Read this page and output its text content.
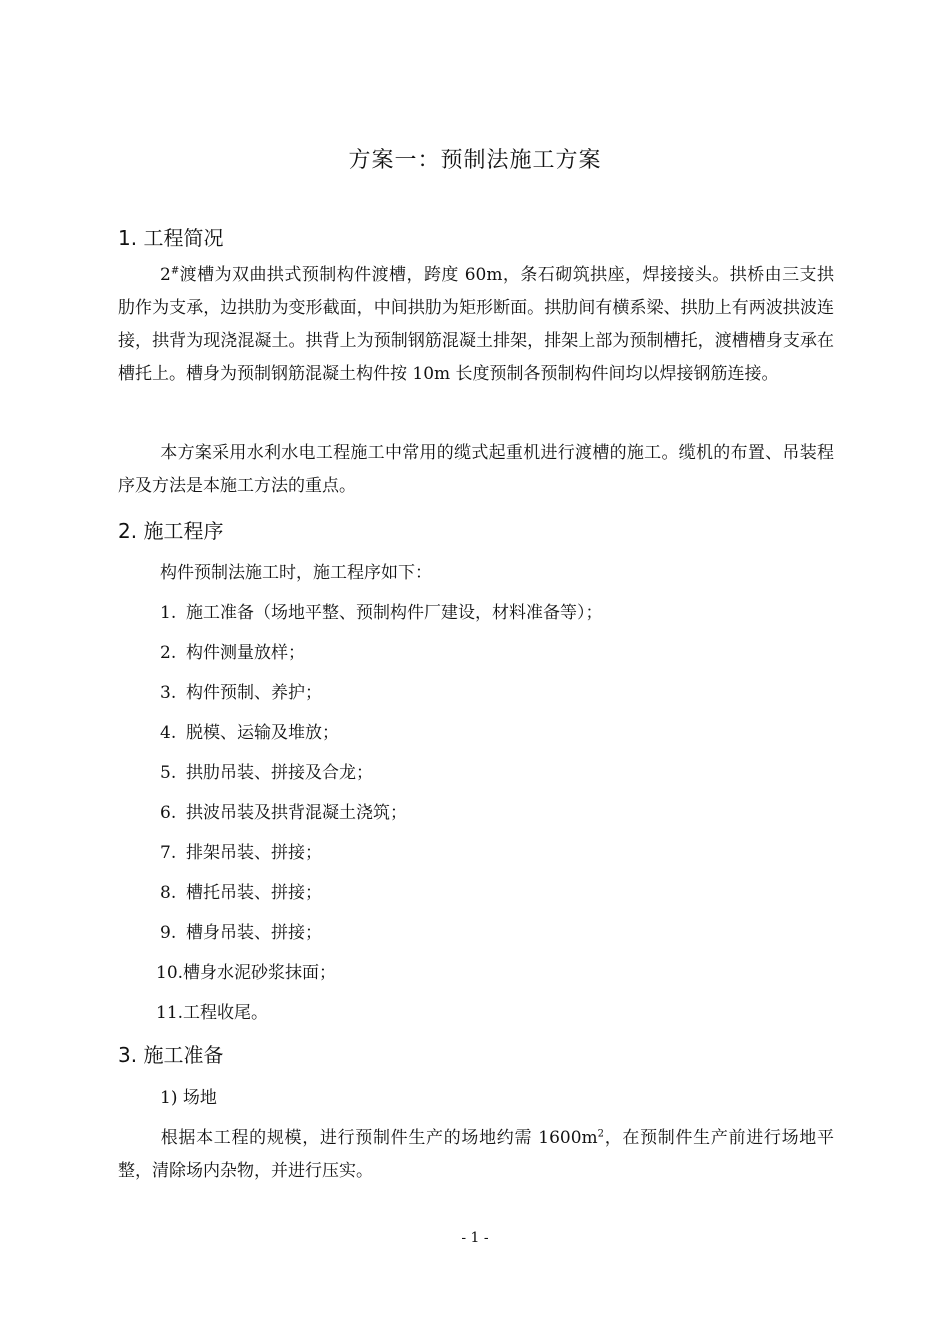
方案一：预制法施工方案
1. 工程简况
2#渡槽为双曲拱式预制构件渡槽，跨度 60m，条石砌筑拱座，焊接接头。拱桥由三支拱肋作为支承，边拱肋为变形截面，中间拱肋为矩形断面。拱肋间有横系梁、拱肋上有两波拱波连接，拱背为现浇混凝土。拱背上为预制钢筋混凝土排架，排架上部为预制槽托，渡槽槽身支承在槽托上。槽身为预制钢筋混凝土构件按 10m 长度预制各预制构件间均以焊接钢筋连接。
本方案采用水利水电工程施工中常用的缆式起重机进行渡槽的施工。缆机的布置、吊装程序及方法是本施工方法的重点。
2. 施工程序
构件预制法施工时，施工程序如下：
1. 施工准备（场地平整、预制构件厂建设，材料准备等）；
2. 构件测量放样；
3. 构件预制、养护；
4. 脱模、运输及堆放；
5. 拱肋吊装、拼接及合龙；
6. 拱波吊装及拱背混凝土浇筑；
7. 排架吊装、拼接；
8. 槽托吊装、拼接；
9. 槽身吊装、拼接；
10.槽身水泥砂浆抹面；
11.工程收尾。
3. 施工准备
1) 场地
根据本工程的规模，进行预制件生产的场地约需 $1600m^2$，在预制件生产前进行场地平整，清除场内杂物，并进行压实。
- 1 -
